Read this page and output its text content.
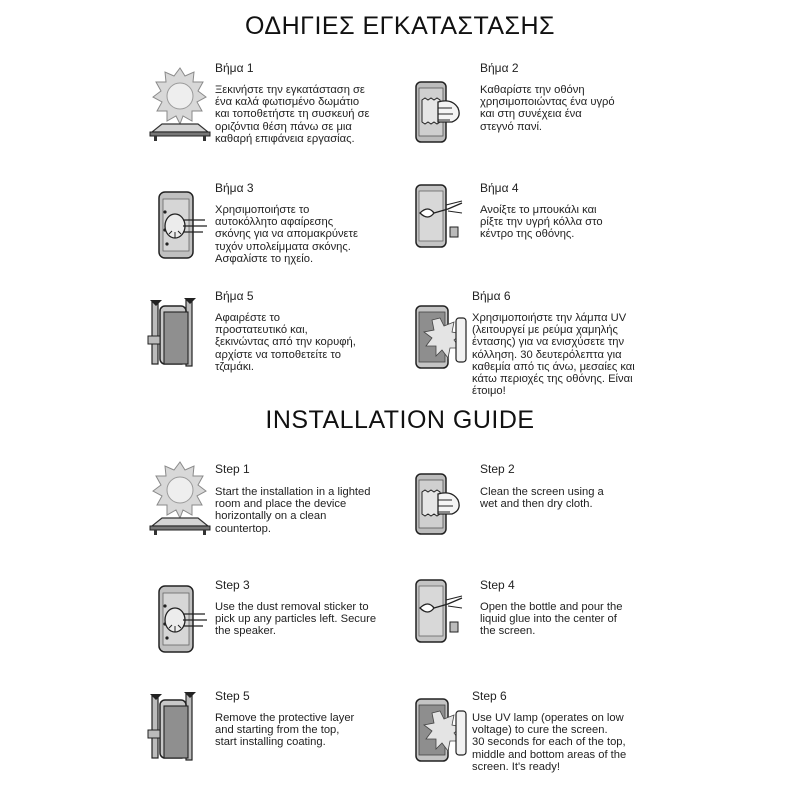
ΟΔΗΓΙΕΣ ΕΓΚΑΤΑΣΤΑΣΗΣ
Βήμα 1
Ξεκινήστε την εγκατάσταση σε
ένα καλά φωτισμένο δωμάτιο
και τοποθετήστε τη συσκευή σε
οριζόντια θέση πάνω σε μια
καθαρή επιφάνεια εργασίας.
Βήμα 2
Καθαρίστε την οθόνη
χρησιμοποιώντας ένα υγρό
και στη συνέχεια ένα
στεγνό πανί.
Βήμα 3
Χρησιμοποιήστε το
αυτοκόλλητο αφαίρεσης
σκόνης για να απομακρύνετε
τυχόν υπολείμματα σκόνης.
Ασφαλίστε το ηχείο.
Βήμα 4
Ανοίξτε το μπουκάλι και
ρίξτε την υγρή κόλλα στο
κέντρο της οθόνης.
Βήμα 5
Αφαιρέστε το
προστατευτικό και,
ξεκινώντας από την κορυφή,
αρχίστε να τοποθετείτε το
τζαμάκι.
Βήμα 6
Χρησιμοποιήστε την λάμπα UV
(λειτουργεί με ρεύμα χαμηλής
έντασης) για να ενισχύσετε την
κόλληση. 30 δευτερόλεπτα για
καθεμία από τις άνω, μεσαίες και
κάτω περιοχές της οθόνης. Είναι
έτοιμο!
INSTALLATION GUIDE
Step 1
Start the installation in a lighted
room and place the device
horizontally on a clean
countertop.
Step 2
Clean the screen using a
wet and then dry cloth.
Step 3
Use the dust removal sticker to
pick up any particles left. Secure
the speaker.
Step 4
Open the bottle and pour the
liquid glue into the center of
the screen.
Step 5
Remove the protective layer
and starting from the top,
start installing coating.
Step 6
Use UV lamp (operates on low
voltage) to cure the screen.
30 seconds for each of the top,
middle and bottom areas of the
screen. It's ready!
